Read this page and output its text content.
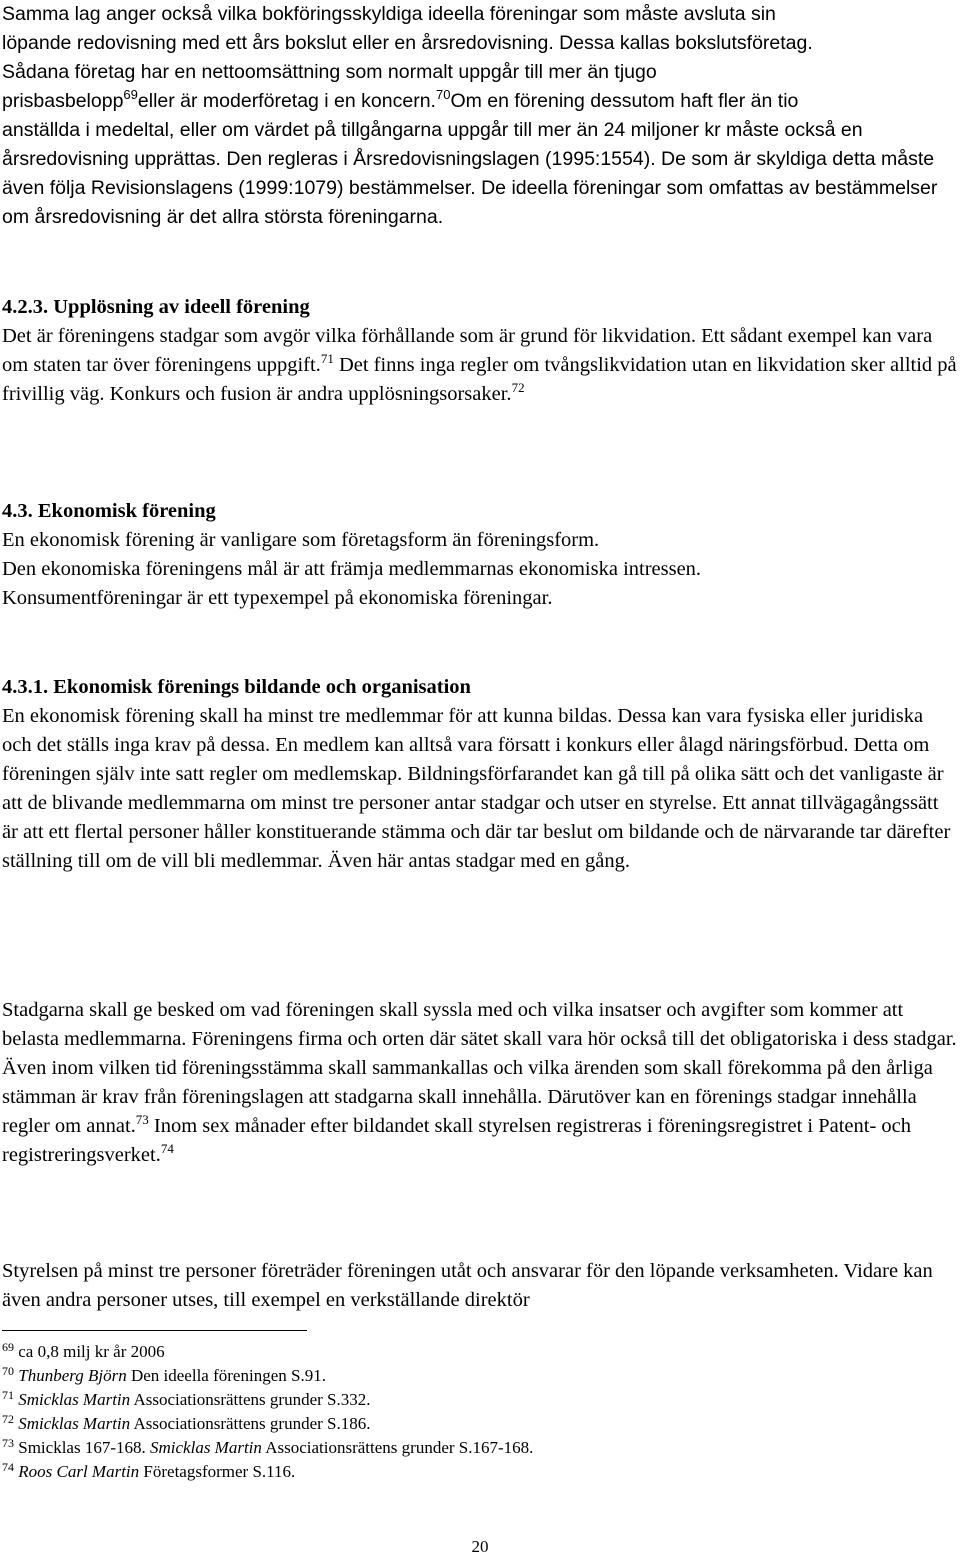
Samma lag anger också vilka bokföringsskyldiga ideella föreningar som måste avsluta sin
löpande redovisning med ett års bokslut eller en årsredovisning. Dessa kallas bokslutsföretag.
Sådana företag har en nettoomsättning som normalt uppgår till mer än tjugo
prisbasbelopp$^{69}$eller är moderföretag i en koncern.$^{70}$Om en förening dessutom haft fler än tio
anställda i medeltal, eller om värdet på tillgångarna uppgår till mer än 24 miljoner kr måste också en årsredovisning upprättas. Den regleras i Årsredovisningslagen (1995:1554). De som är skyldiga detta måste även följa Revisionslagens (1999:1079) bestämmelser. De ideella föreningar som omfattas av bestämmelser om årsredovisning är det allra största föreningarna.
4.2.3. Upplösning av ideell förening
Det är föreningens stadgar som avgör vilka förhållande som är grund för likvidation. Ett sådant exempel kan vara om staten tar över föreningens uppgift.$^{71}$ Det finns inga regler om tvångslikvidation utan en likvidation sker alltid på frivillig väg. Konkurs och fusion är andra upplösningsorsaker.$^{72}$
4.3. Ekonomisk förening
En ekonomisk förening är vanligare som företagsform än föreningsform.
Den ekonomiska föreningens mål är att främja medlemmarnas ekonomiska intressen.
Konsumentföreningar är ett typexempel på ekonomiska föreningar.
4.3.1. Ekonomisk förenings bildande och organisation
En ekonomisk förening skall ha minst tre medlemmar för att kunna bildas. Dessa kan vara fysiska eller juridiska och det ställs inga krav på dessa. En medlem kan alltså vara försatt i konkurs eller ålagd näringsförbud. Detta om föreningen själv inte satt regler om medlemskap. Bildningsförfarandet kan gå till på olika sätt och det vanligaste är att de blivande medlemmarna om minst tre personer antar stadgar och utser en styrelse. Ett annat tillvägagångssätt är att ett flertal personer håller konstituerande stämma och där tar beslut om bildande och de närvarande tar därefter ställning till om de vill bli medlemmar. Även här antas stadgar med en gång.
Stadgarna skall ge besked om vad föreningen skall syssla med och vilka insatser och avgifter som kommer att belasta medlemmarna. Föreningens firma och orten där sätet skall vara hör också till det obligatoriska i dess stadgar. Även inom vilken tid föreningsstämma skall sammankallas och vilka ärenden som skall förekomma på den årliga stämman är krav från föreningslagen att stadgarna skall innehålla. Därutöver kan en förenings stadgar innehålla regler om annat.$^{73}$ Inom sex månader efter bildandet skall styrelsen registreras i föreningsregistret i Patent- och registreringsverket.$^{74}$
Styrelsen på minst tre personer företräder föreningen utåt och ansvarar för den löpande verksamheten. Vidare kan även andra personer utses, till exempel en verkställande direktör
$^{69}$ ca 0,8 milj kr år 2006
$^{70}$ Thunberg Björn Den ideella föreningen S.91.
$^{71}$ Smicklas Martin Associationsrättens grunder S.332.
$^{72}$ Smicklas Martin Associationsrättens grunder S.186.
$^{73}$ Smicklas 167-168. Smicklas Martin Associationsrättens grunder S.167-168.
$^{74}$ Roos Carl Martin Företagsformer S.116.
20
